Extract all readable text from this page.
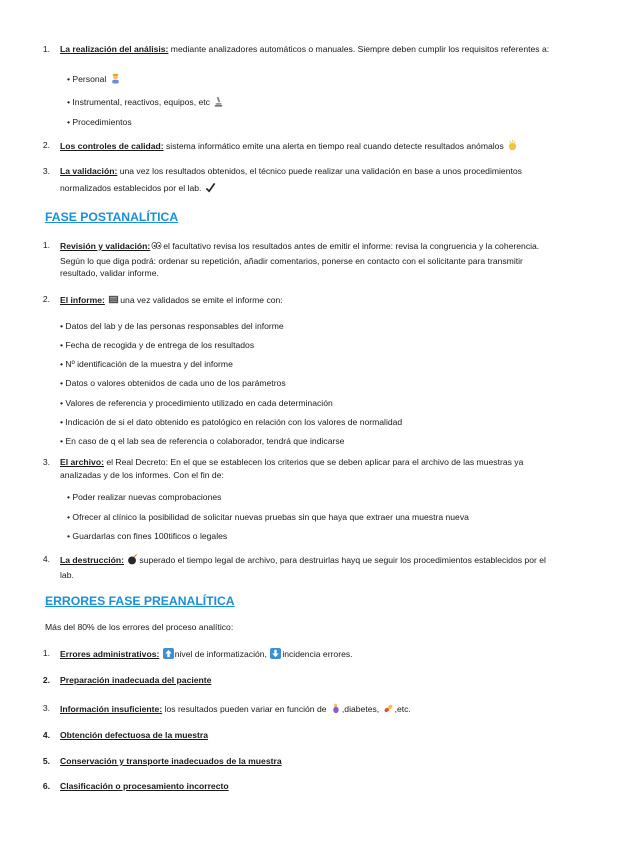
1. La realización del análisis: mediante analizadores automáticos o manuales. Siempre deben cumplir los requisitos referentes a:
• Personal
• Instrumental, reactivos, equipos, etc
• Procedimientos
2. Los controles de calidad: sistema informático emite una alerta en tiempo real cuando detecte resultados anómalos
3. La validación: una vez los resultados obtenidos, el técnico puede realizar una validación en base a unos procedimientos
normalizados establecidos por el lab.
FASE POSTANALÍTICA
1. Revisión y validación: el facultativo revisa los resultados antes de emitir el informe: revisa la congruencia y la coherencia.
Según lo que diga podrá: ordenar su repetición, añadir comentarios, ponerse en contacto con el solicitante para transmitir
resultado, validar informe.
2. El informe: una vez validados se emite el informe con:
• Datos del lab y de las personas responsables del informe
• Fecha de recogida y de entrega de los resultados
• Nº identificación de la muestra y del informe
• Datos o valores obtenidos de cada uno de los parámetros
• Valores de referencia y procedimiento utilizado en cada determinación
• Indicación de si el dato obtenido es patológico en relación con los valores de normalidad
• En caso de q el lab sea de referencia o colaborador, tendrá que indicarse
3. El archivo: el Real Decreto: En el que se establecen los criterios que se deben aplicar para el archivo de las muestras ya
analizadas y de los informes. Con el fin de:
• Poder realizar nuevas comprobaciones
• Ofrecer al clínico la posibilidad de solicitar nuevas pruebas sin que haya que extraer una muestra nueva
• Guardarlas con fines 100tificos o legales
4. La destrucción: superado el tiempo legal de archivo, para destruirlas hayq ue seguir los procedimientos establecidos por el
lab.
ERRORES FASE PREANALÍTICA
Más del 80% de los errores del proceso analítico:
1. Errores administrativos: nivel de informatización,
incidencia errores.
2. Preparación inadecuada del paciente
3. Información insuficiente: los resultados pueden variar en función de ,diabetes, ,etc.
4. Obtención defectuosa de la muestra
5. Conservación y transporte inadecuados de la muestra
6. Clasificación o procesamiento incorrecto
